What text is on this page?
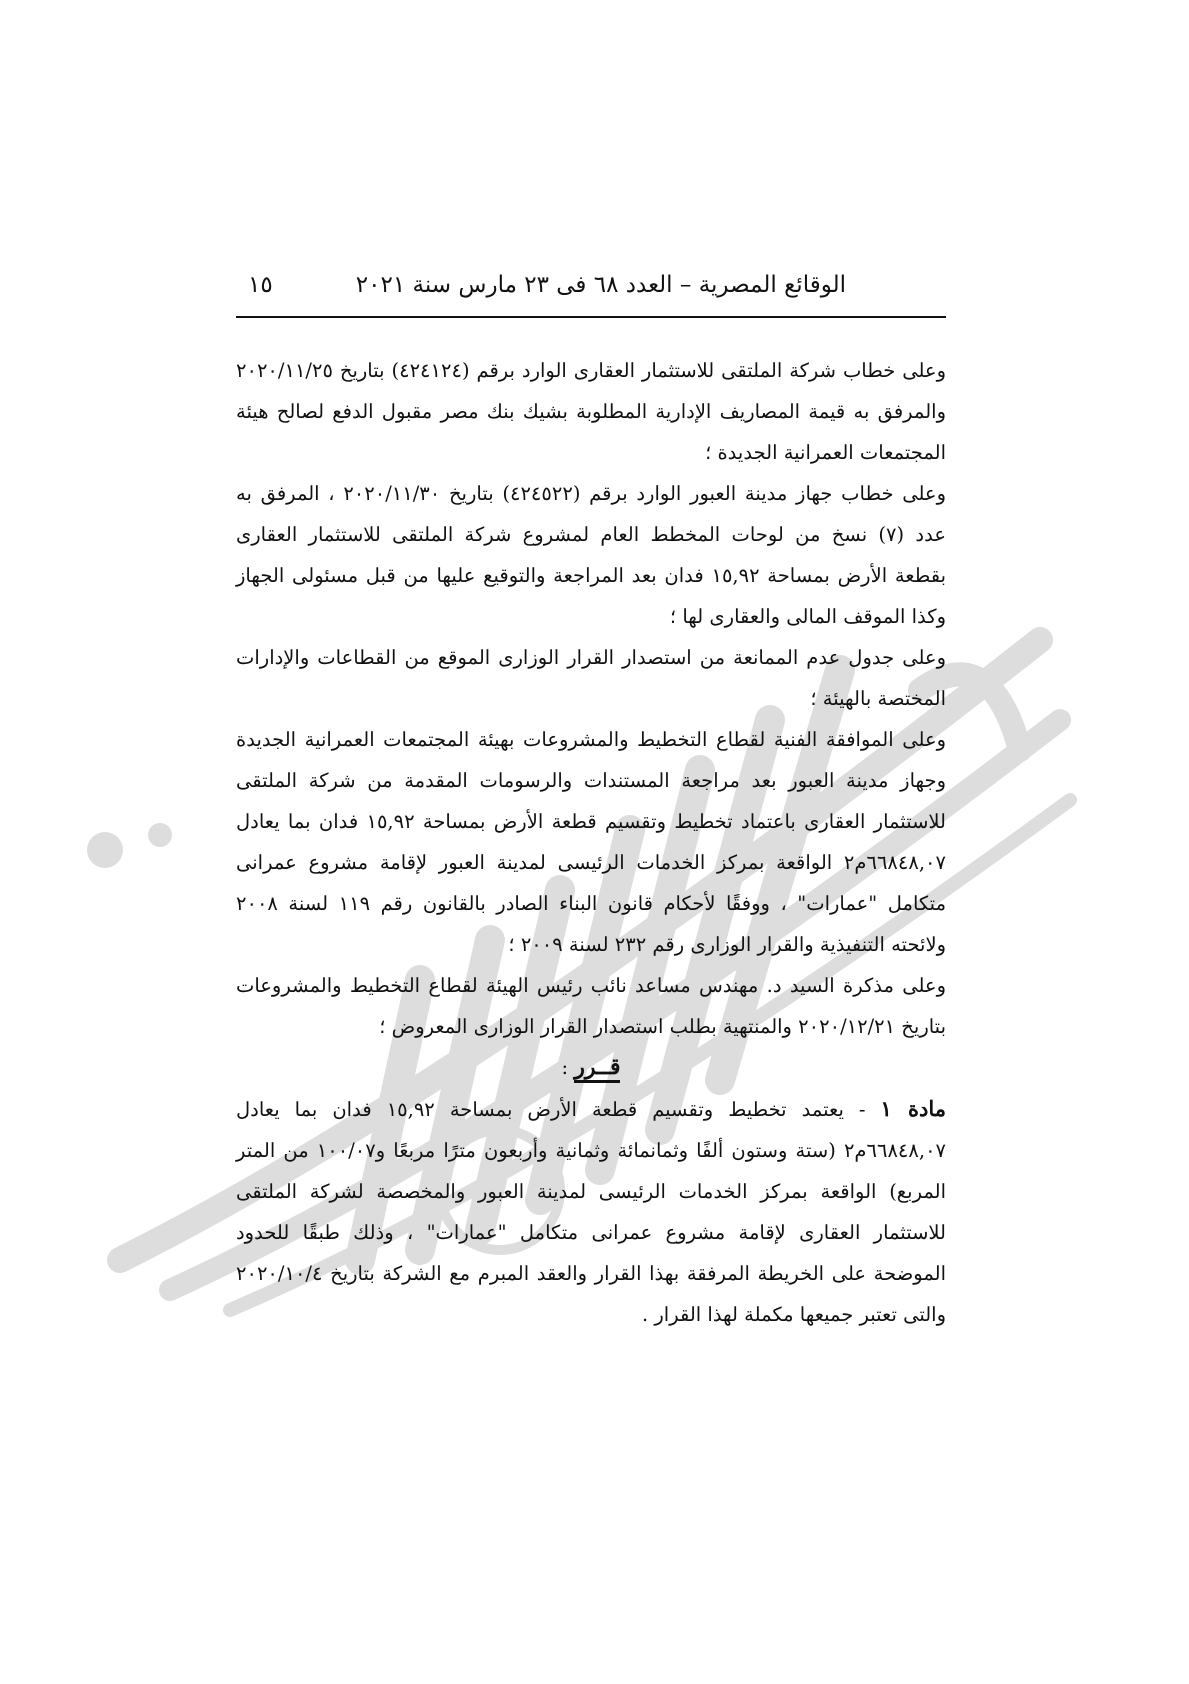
الوقائع المصرية – العدد ٦٨ فى ٢٣ مارس سنة ٢٠٢١
١٥

وعلى خطاب شركة الملتقى للاستثمار العقارى الوارد برقم (٤٢٤١٢٤) بتاريخ ٢٠٢٠/١١/٢٥ والمرفق به قيمة المصاريف الإدارية المطلوبة بشيك بنك مصر مقبول الدفع لصالح هيئة المجتمعات العمرانية الجديدة ؛

وعلى خطاب جهاز مدينة العبور الوارد برقم (٤٢٤٥٢٢) بتاريخ ٢٠٢٠/١١/٣٠ ، المرفق به عدد (٧) نسخ من لوحات المخطط العام لمشروع شركة الملتقى للاستثمار العقارى بقطعة الأرض بمساحة ١٥,٩٢ فدان بعد المراجعة والتوقيع عليها من قبل مسئولى الجهاز وكذا الموقف المالى والعقارى لها ؛

وعلى جدول عدم الممانعة من استصدار القرار الوزارى الموقع من القطاعات والإدارات المختصة بالهيئة ؛

وعلى الموافقة الفنية لقطاع التخطيط والمشروعات بهيئة المجتمعات العمرانية الجديدة وجهاز مدينة العبور بعد مراجعة المستندات والرسومات المقدمة من شركة الملتقى للاستثمار العقارى باعتماد تخطيط وتقسيم قطعة الأرض بمساحة ١٥,٩٢ فدان بما يعادل ٦٦٨٤٨,٠٧م٢ الواقعة بمركز الخدمات الرئيسى لمدينة العبور لإقامة مشروع عمرانى متكامل "عمارات" ، ووفقًا لأحكام قانون البناء الصادر بالقانون رقم ١١٩ لسنة ٢٠٠٨ ولائحته التنفيذية والقرار الوزارى رقم ٢٣٢ لسنة ٢٠٠٩ ؛

وعلى مذكرة السيد د. مهندس مساعد نائب رئيس الهيئة لقطاع التخطيط والمشروعات بتاريخ ٢٠٢٠/١٢/٢١ والمنتهية بطلب استصدار القرار الوزارى المعروض ؛

قــرر :

مادة ١ - يعتمد تخطيط وتقسيم قطعة الأرض بمساحة ١٥,٩٢ فدان بما يعادل ٦٦٨٤٨,٠٧م٢ (ستة وستون ألفًا وثمانمائة وثمانية وأربعون مترًا مربعًا و١٠٠/٠٧ من المتر المربع) الواقعة بمركز الخدمات الرئيسى لمدينة العبور والمخصصة لشركة الملتقى للاستثمار العقارى لإقامة مشروع عمرانى متكامل "عمارات" ، وذلك طبقًا للحدود الموضحة على الخريطة المرفقة بهذا القرار والعقد المبرم مع الشركة بتاريخ ٢٠٢٠/١٠/٤ والتى تعتبر جميعها مكملة لهذا القرار .
